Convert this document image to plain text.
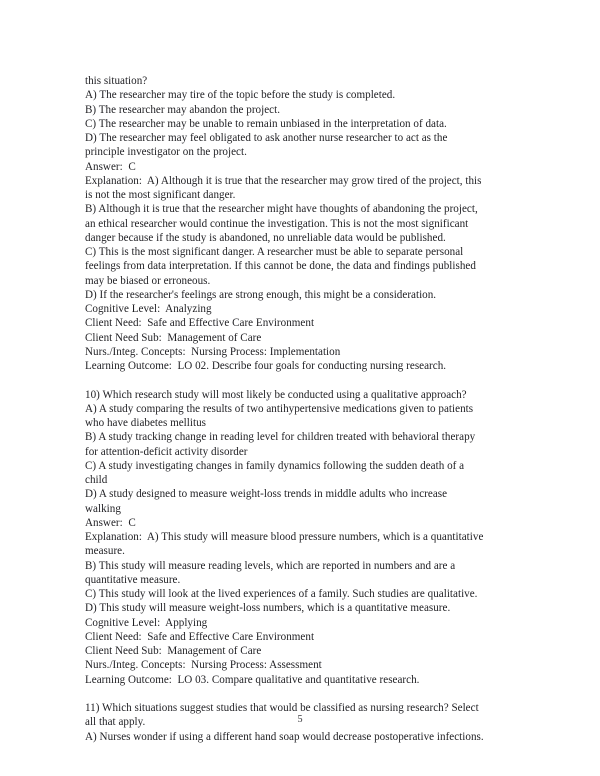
this situation?
A) The researcher may tire of the topic before the study is completed.
B) The researcher may abandon the project.
C) The researcher may be unable to remain unbiased in the interpretation of data.
D) The researcher may feel obligated to ask another nurse researcher to act as the
principle investigator on the project.
Answer:  C
Explanation:  A) Although it is true that the researcher may grow tired of the project, this
is not the most significant danger.
B) Although it is true that the researcher might have thoughts of abandoning the project,
an ethical researcher would continue the investigation. This is not the most significant
danger because if the study is abandoned, no unreliable data would be published.
C) This is the most significant danger. A researcher must be able to separate personal
feelings from data interpretation. If this cannot be done, the data and findings published
may be biased or erroneous.
D) If the researcher's feelings are strong enough, this might be a consideration.
Cognitive Level:  Analyzing
Client Need:  Safe and Effective Care Environment
Client Need Sub:  Management of Care
Nurs./Integ. Concepts:  Nursing Process: Implementation
Learning Outcome:  LO 02. Describe four goals for conducting nursing research.
10) Which research study will most likely be conducted using a qualitative approach?
A) A study comparing the results of two antihypertensive medications given to patients
who have diabetes mellitus
B) A study tracking change in reading level for children treated with behavioral therapy
for attention-deficit activity disorder
C) A study investigating changes in family dynamics following the sudden death of a
child
D) A study designed to measure weight-loss trends in middle adults who increase
walking
Answer:  C
Explanation:  A) This study will measure blood pressure numbers, which is a quantitative
measure.
B) This study will measure reading levels, which are reported in numbers and are a
quantitative measure.
C) This study will look at the lived experiences of a family. Such studies are qualitative.
D) This study will measure weight-loss numbers, which is a quantitative measure.
Cognitive Level:  Applying
Client Need:  Safe and Effective Care Environment
Client Need Sub:  Management of Care
Nurs./Integ. Concepts:  Nursing Process: Assessment
Learning Outcome:  LO 03. Compare qualitative and quantitative research.
11) Which situations suggest studies that would be classified as nursing research? Select
all that apply.
A) Nurses wonder if using a different hand soap would decrease postoperative infections.
5
